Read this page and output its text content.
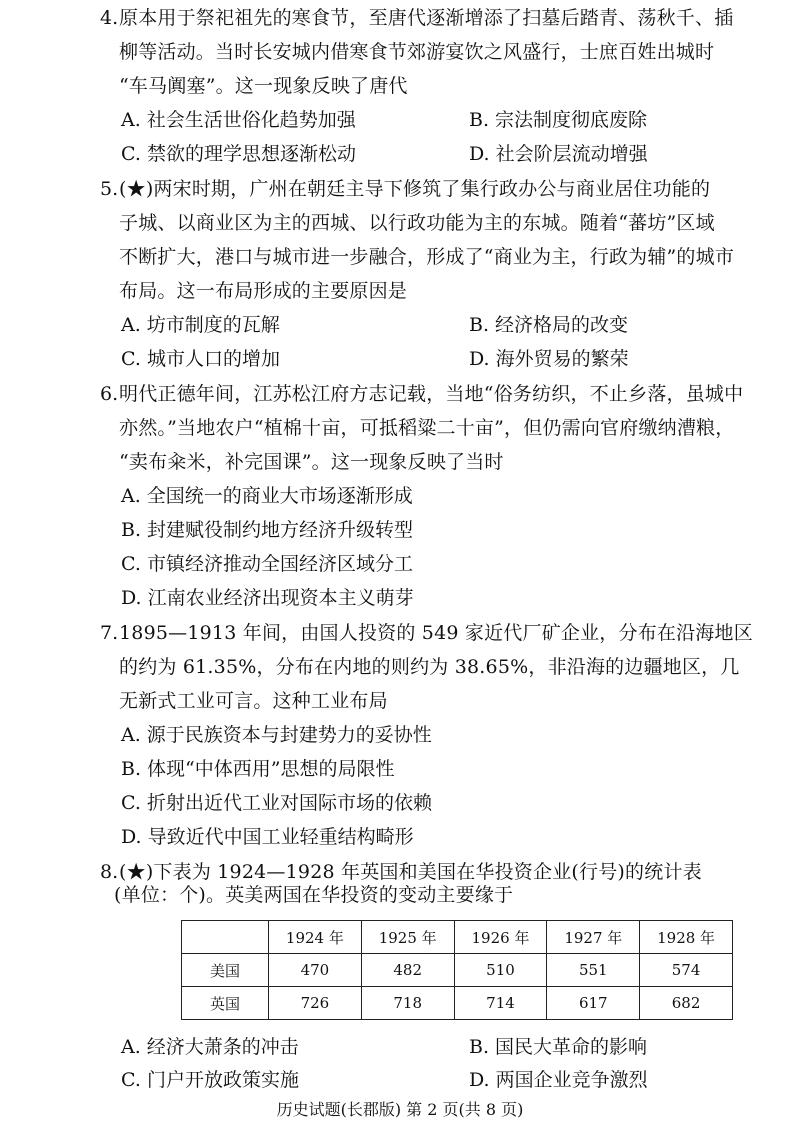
4. 原本用于祭祀祖先的寒食节，至唐代逐渐增添了扫墓后踏青、荡秋千、插
柳等活动。当时长安城内借寒食节郊游宴饮之风盛行，士庶百姓出城时
“车马阗塞”。这一现象反映了唐代
A. 社会生活世俗化趋势加强	B. 宗法制度彻底废除
C. 禁欲的理学思想逐渐松动	D. 社会阶层流动增强
5. (★)两宋时期，广州在朝廷主导下修筑了集行政办公与商业居住功能的
子城、以商业区为主的西城、以行政功能为主的东城。随着“蕃坊”区域
不断扩大，港口与城市进一步融合，形成了“商业为主，行政为辅”的城市
布局。这一布局形成的主要原因是
A. 坊市制度的瓦解	B. 经济格局的改变
C. 城市人口的增加	D. 海外贸易的繁荣
6. 明代正德年间，江苏松江府方志记载，当地“俗务纺织，不止乡落，虽城中
亦然。”当地农户“植棉十亩，可抵稻粱二十亩”，但仍需向官府缴纳漕粮，
“卖布籴米，补完国课”。这一现象反映了当时
A. 全国统一的商业大市场逐渐形成
B. 封建赋役制约地方经济升级转型
C. 市镇经济推动全国经济区域分工
D. 江南农业经济出现资本主义萌芽
7. 1895—1913 年间，由国人投资的 549 家近代厂矿企业，分布在沿海地区
的约为 61.35%，分布在内地的则约为 38.65%，非沿海的边疆地区，几
无新式工业可言。这种工业布局
A. 源于民族资本与封建势力的妥协性
B. 体现“中体西用”思想的局限性
C. 折射出近代工业对国际市场的依赖
D. 导致近代中国工业轻重结构畸形
8. (★)下表为 1924—1928 年英国和美国在华投资企业(行号)的统计表
(单位：个)。英美两国在华投资的变动主要缘于
	1924 年	1925 年	1926 年	1927 年	1928 年
美国	470	482	510	551	574
英国	726	718	714	617	682
A. 经济大萧条的冲击	B. 国民大革命的影响
C. 门户开放政策实施	D. 两国企业竞争激烈
历史试题(长郡版) 第 2 页(共 8 页)
